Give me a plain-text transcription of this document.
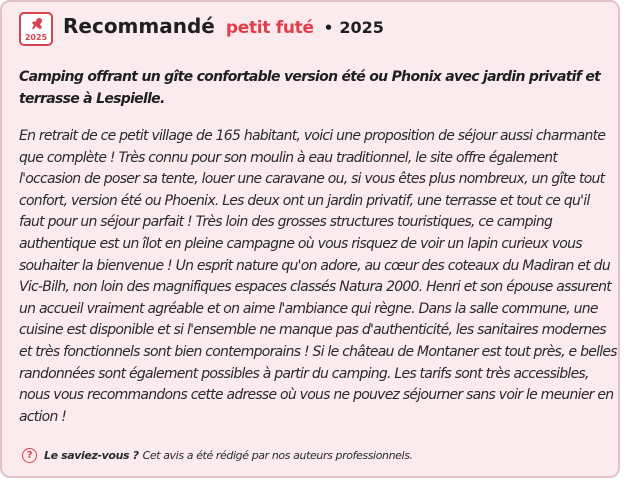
2025 Recommandé petit futé • 2025
Camping offrant un gîte confortable version été ou Phonix avec jardin privatif et terrasse à Lespielle.
En retrait de ce petit village de 165 habitant, voici une proposition de séjour aussi charmante que complète ! Très connu pour son moulin à eau traditionnel, le site offre également l'occasion de poser sa tente, louer une caravane ou, si vous êtes plus nombreux, un gîte tout confort, version été ou Phoenix. Les deux ont un jardin privatif, une terrasse et tout ce qu'il faut pour un séjour parfait ! Très loin des grosses structures touristiques, ce camping authentique est un îlot en pleine campagne où vous risquez de voir un lapin curieux vous souhaiter la bienvenue ! Un esprit nature qu'on adore, au cœur des coteaux du Madiran et du Vic-Bilh, non loin des magnifiques espaces classés Natura 2000. Henri et son épouse assurent un accueil vraiment agréable et on aime l'ambiance qui règne. Dans la salle commune, une cuisine est disponible et si l'ensemble ne manque pas d'authenticité, les sanitaires modernes et très fonctionnels sont bien contemporains ! Si le château de Montaner est tout près, e belles randonnées sont également possibles à partir du camping. Les tarifs sont très accessibles, nous vous recommandons cette adresse où vous ne pouvez séjourner sans voir le meunier en action !
?	Le saviez-vous ? Cet avis a été rédigé par nos auteurs professionnels.
